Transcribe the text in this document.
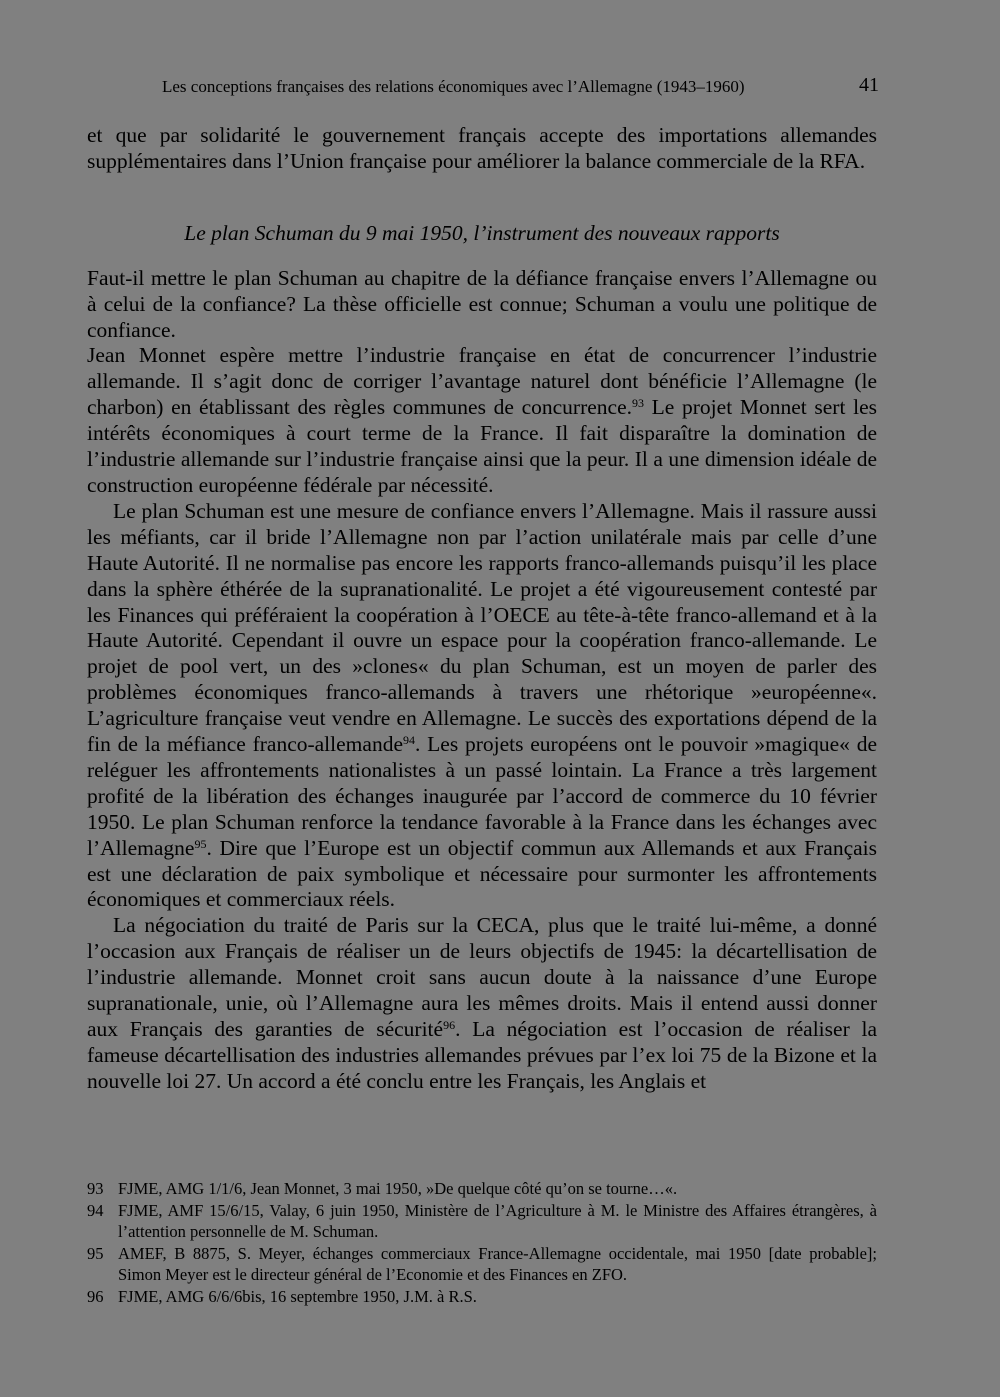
Les conceptions françaises des relations économiques avec l’Allemagne (1943–1960)	41

et que par solidarité le gouvernement français accepte des importations allemandes supplémentaires dans l’Union française pour améliorer la balance commerciale de la RFA.

Le plan Schuman du 9 mai 1950, l’instrument des nouveaux rapports

Faut-il mettre le plan Schuman au chapitre de la défiance française envers l’Allemagne ou à celui de la confiance? La thèse officielle est connue; Schuman a voulu une politique de confiance.

Jean Monnet espère mettre l’industrie française en état de concurrencer l’industrie allemande. Il s’agit donc de corriger l’avantage naturel dont bénéficie l’Allemagne (le charbon) en établissant des règles communes de concurrence.$^{93}$ Le projet Monnet sert les intérêts économiques à court terme de la France. Il fait disparaître la domination de l’industrie allemande sur l’industrie française ainsi que la peur. Il a une dimension idéale de construction européenne fédérale par nécessité.

Le plan Schuman est une mesure de confiance envers l’Allemagne. Mais il rassure aussi les méfiants, car il bride l’Allemagne non par l’action unilatérale mais par celle d’une Haute Autorité. Il ne normalise pas encore les rapports franco-allemands puisqu’il les place dans la sphère éthérée de la supranationalité. Le projet a été vigoureusement contesté par les Finances qui préféraient la coopération à l’OECE au tête-à-tête franco-allemand et à la Haute Autorité. Cependant il ouvre un espace pour la coopération franco-allemande. Le projet de pool vert, un des »clones« du plan Schuman, est un moyen de parler des problèmes économiques franco-allemands à travers une rhétorique »européenne«. L’agriculture française veut vendre en Allemagne. Le succès des exportations dépend de la fin de la méfiance franco-allemande$^{94}$. Les projets européens ont le pouvoir »magique« de reléguer les affrontements nationalistes à un passé lointain. La France a très largement profité de la libération des échanges inaugurée par l’accord de commerce du 10 février 1950. Le plan Schuman renforce la tendance favorable à la France dans les échanges avec l’Allemagne$^{95}$. Dire que l’Europe est un objectif commun aux Allemands et aux Français est une déclaration de paix symbolique et nécessaire pour surmonter les affrontements économiques et commerciaux réels.

La négociation du traité de Paris sur la CECA, plus que le traité lui-même, a donné l’occasion aux Français de réaliser un de leurs objectifs de 1945: la décartellisation de l’industrie allemande. Monnet croit sans aucun doute à la naissance d’une Europe supranationale, unie, où l’Allemagne aura les mêmes droits. Mais il entend aussi donner aux Français des garanties de sécurité$^{96}$. La négociation est l’occasion de réaliser la fameuse décartellisation des industries allemandes prévues par l’ex loi 75 de la Bizone et la nouvelle loi 27. Un accord a été conclu entre les Français, les Anglais et

93 FJME, AMG 1/1/6, Jean Monnet, 3 mai 1950, »De quelque côté qu’on se tourne…«.
94 FJME, AMF 15/6/15, Valay, 6 juin 1950, Ministère de l’Agriculture à M. le Ministre des Affaires étrangères, à l’attention personnelle de M. Schuman.
95 AMEF, B 8875, S. Meyer, échanges commerciaux France-Allemagne occidentale, mai 1950 [date probable]; Simon Meyer est le directeur général de l’Economie et des Finances en ZFO.
96 FJME, AMG 6/6/6bis, 16 septembre 1950, J.M. à R.S.
